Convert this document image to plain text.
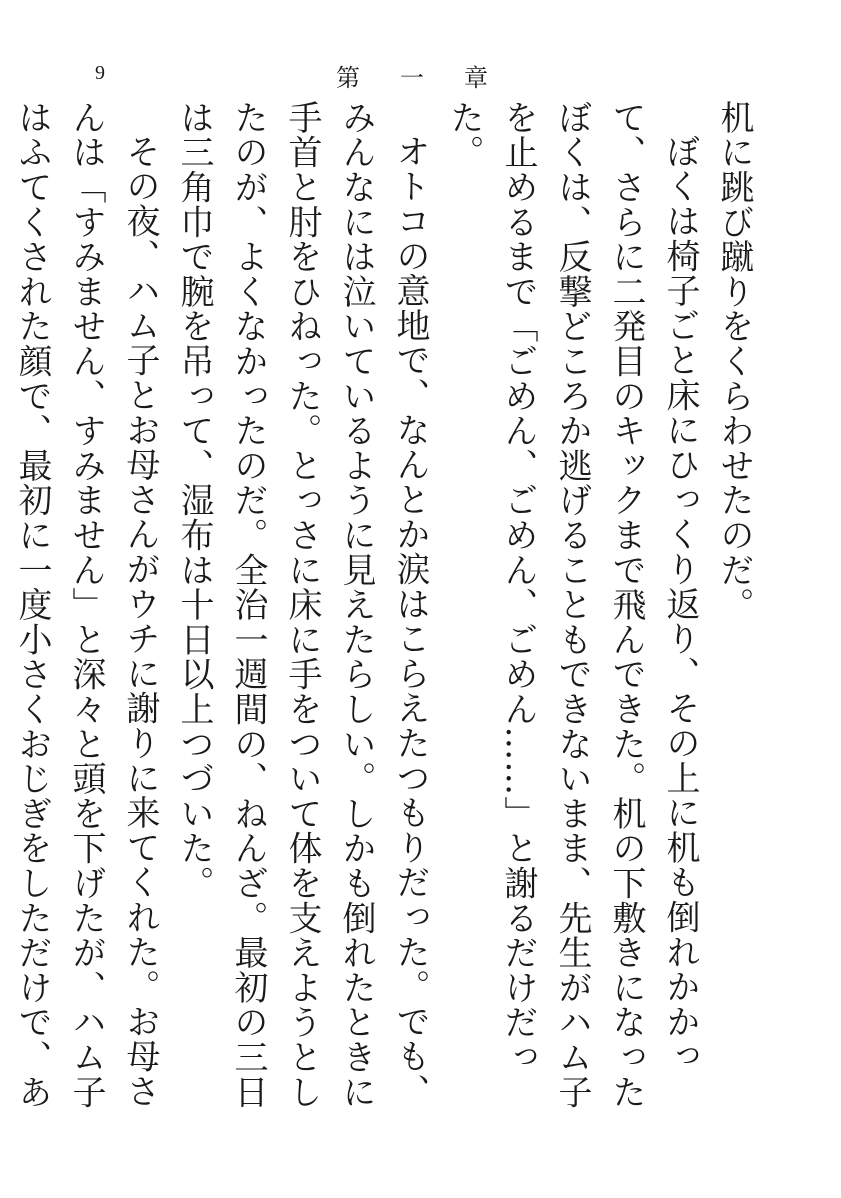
9	第一章

机に跳び蹴りをくらわせたのだ。

ぼくは椅子ごと床にひっくり返り、その上に机も倒れかかって、さらに二発目のキックまで飛んできた。机の下敷きになったぼくは、反撃どころか逃げることもできないまま、先生がハム子を止めるまで「ごめん、ごめん、ごめん……」と謝るだけだった。

オトコの意地で、なんとか涙はこらえたつもりだった。でも、みんなには泣いているように見えたらしい。しかも倒れたときに手首と肘をひねった。とっさに床に手をついて体を支えようとしたのが、よくなかったのだ。全治一週間の、ねんざ。最初の三日は三角巾で腕を吊って、湿布は十日以上つづいた。

その夜、ハム子とお母さんがウチに謝りに来てくれた。お母さんは「すみません、すみません」と深々と頭を下げたが、ハム子はふてくされた顔で、最初に一度小さくおじぎをしただけで、あ
